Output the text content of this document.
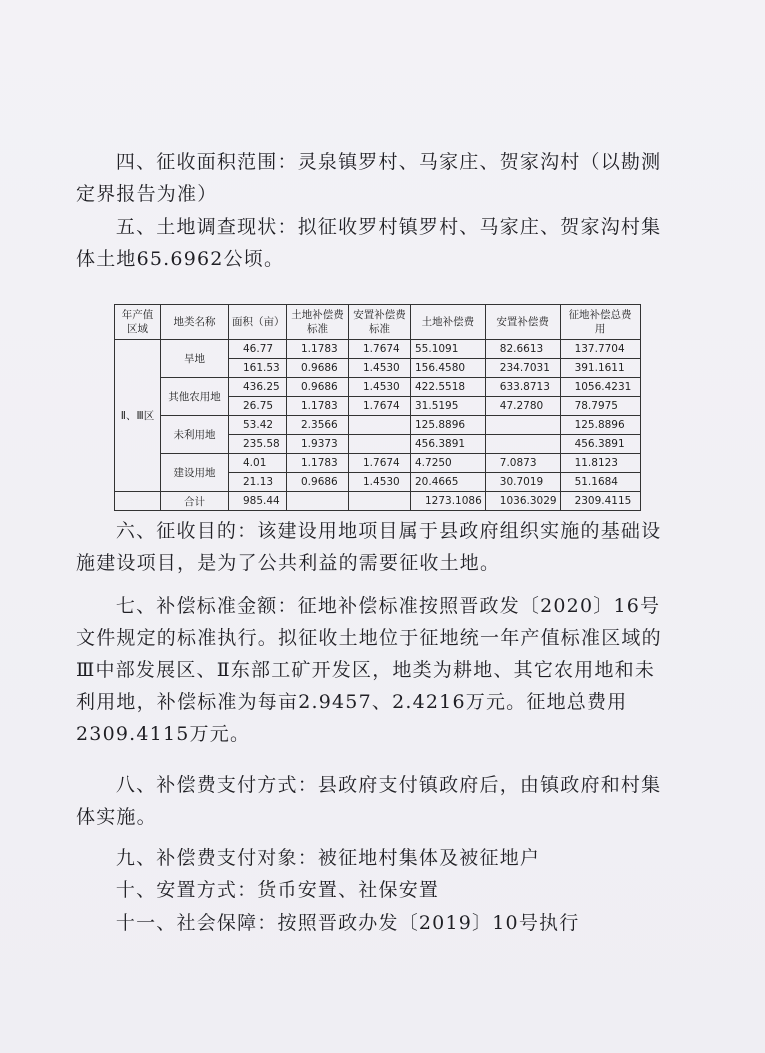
四、征收面积范围：灵泉镇罗村、马家庄、贺家沟村（以勘测定界报告为准）

五、土地调查现状：拟征收罗村镇罗村、马家庄、贺家沟村集体土地65.6962公顷。

年产值区域	地类名称	面积（亩）	土地补偿费标准	安置补偿费标准	土地补偿费	安置补偿费	征地补偿总费用
Ⅱ、Ⅲ区	旱地	46.77	1.1783	1.7674	55.1091	82.6613	137.7704
		161.53	0.9686	1.4530	156.4580	234.7031	391.1611
	其他农用地	436.25	0.9686	1.4530	422.5518	633.8713	1056.4231
		26.75	1.1783	1.7674	31.5195	47.2780	78.7975
	未利用地	53.42	2.3566		125.8896		125.8896
		235.58	1.9373		456.3891		456.3891
	建设用地	4.01	1.1783	1.7674	4.7250	7.0873	11.8123
		21.13	0.9686	1.4530	20.4665	30.7019	51.1684
	合计	985.44			1273.1086	1036.3029	2309.4115

六、征收目的：该建设用地项目属于县政府组织实施的基础设施建设项目，是为了公共利益的需要征收土地。

七、补偿标准金额：征地补偿标准按照晋政发〔2020〕16号文件规定的标准执行。拟征收土地位于征地统一年产值标准区域的Ⅲ中部发展区、Ⅱ东部工矿开发区，地类为耕地、其它农用地和未利用地，补偿标准为每亩2.9457、2.4216万元。征地总费用2309.4115万元。

八、补偿费支付方式：县政府支付镇政府后，由镇政府和村集体实施。

九、补偿费支付对象：被征地村集体及被征地户

十、安置方式：货币安置、社保安置

十一、社会保障：按照晋政办发〔2019〕10号执行
